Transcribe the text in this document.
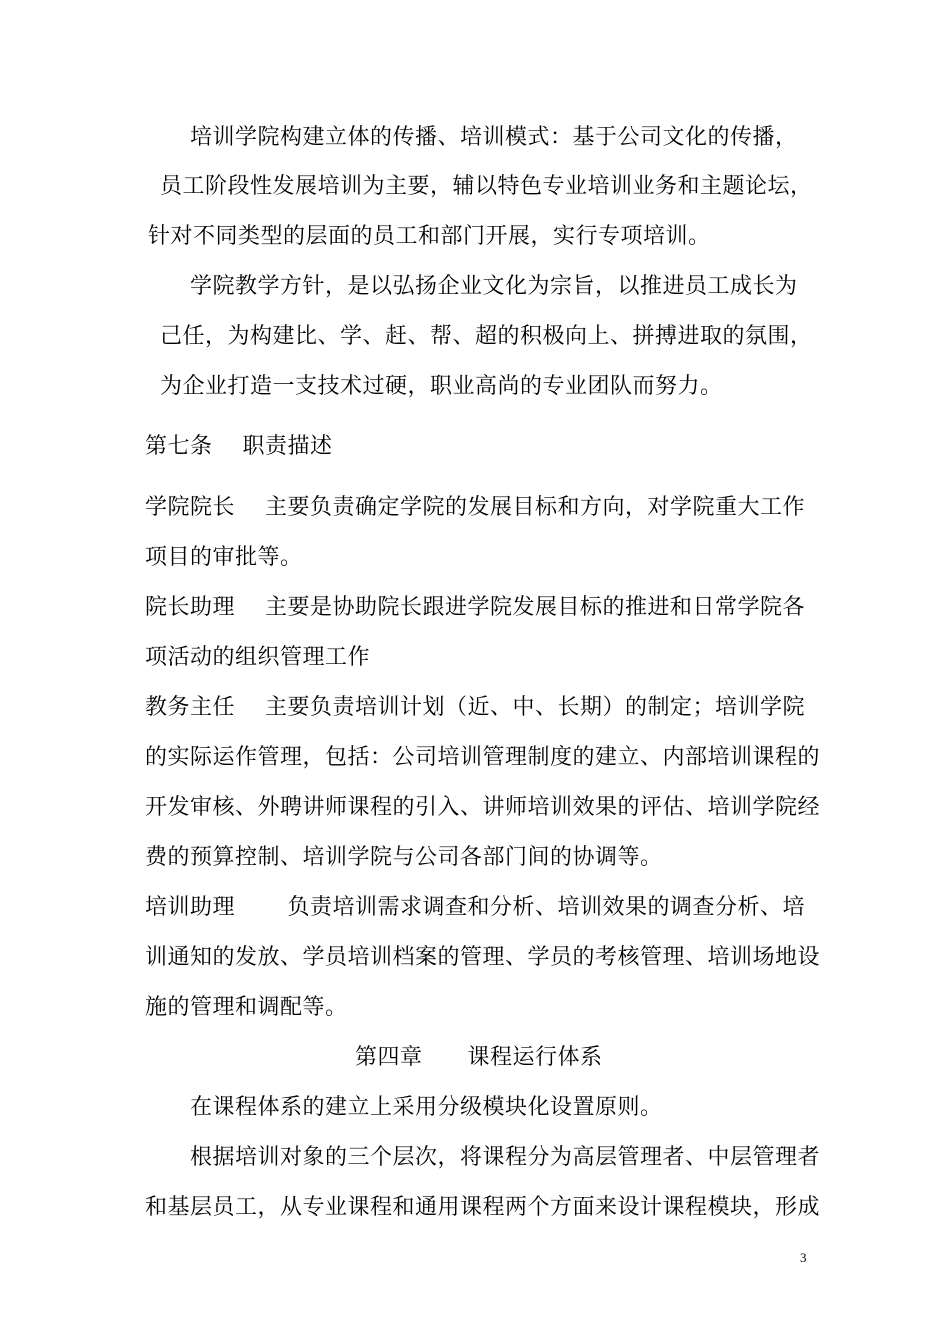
培训学院构建立体的传播、培训模式：基于公司文化的传播，
员工阶段性发展培训为主要，辅以特色专业培训业务和主题论坛，
针对不同类型的层面的员工和部门开展，实行专项培训。
学院教学方针，是以弘扬企业文化为宗旨，以推进员工成长为
己任，为构建比、学、赶、帮、超的积极向上、拼搏进取的氛围，
为企业打造一支技术过硬，职业高尚的专业团队而努力。
第七条　 职责描述
学院院长　 主要负责确定学院的发展目标和方向，对学院重大工作
项目的审批等。
院长助理　 主要是协助院长跟进学院发展目标的推进和日常学院各
项活动的组织管理工作
教务主任　 主要负责培训计划（近、中、长期）的制定；培训学院
的实际运作管理，包括：公司培训管理制度的建立、内部培训课程的
开发审核、外聘讲师课程的引入、讲师培训效果的评估、培训学院经
费的预算控制、培训学院与公司各部门间的协调等。
培训助理　　 负责培训需求调查和分析、培训效果的调查分析、培
训通知的发放、学员培训档案的管理、学员的考核管理、培训场地设
施的管理和调配等。
第四章　　课程运行体系
在课程体系的建立上采用分级模块化设置原则。
根据培训对象的三个层次，将课程分为高层管理者、中层管理者
和基层员工，从专业课程和通用课程两个方面来设计课程模块，形成
3
